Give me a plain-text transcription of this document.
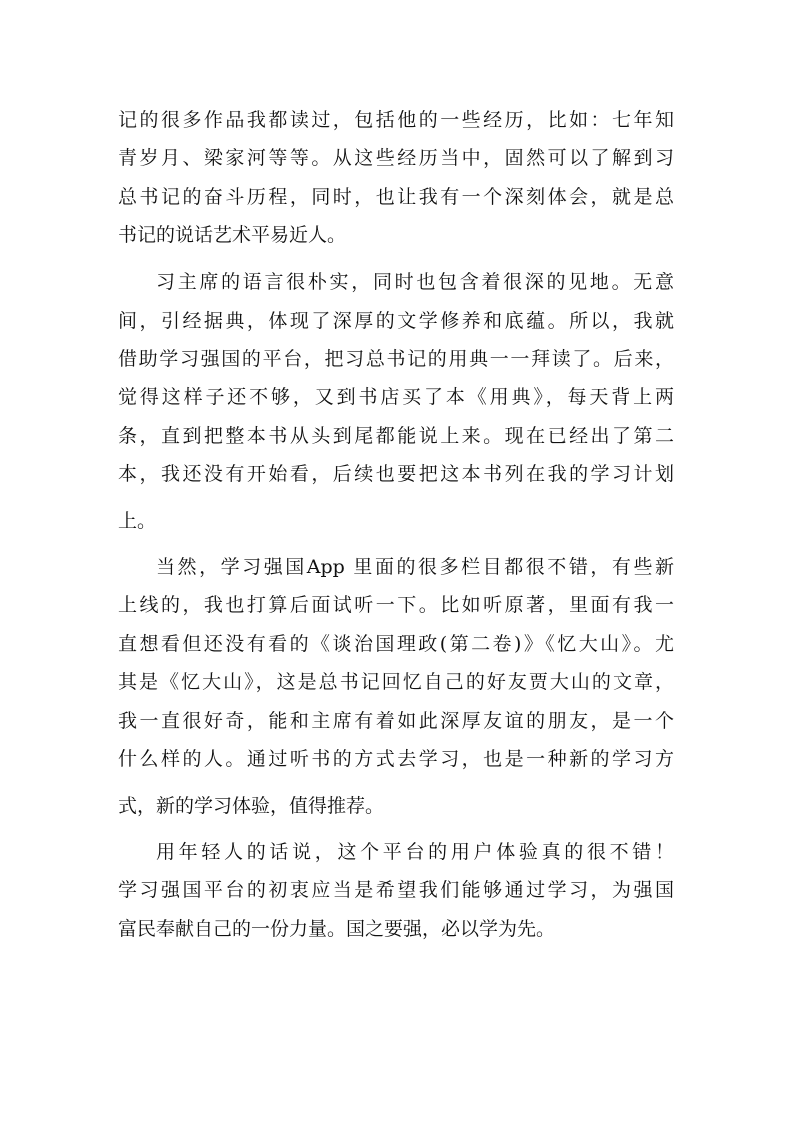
记的很多作品我都读过，包括他的一些经历，比如：七年知
青岁月、梁家河等等。从这些经历当中，固然可以了解到习
总书记的奋斗历程，同时，也让我有一个深刻体会，就是总
书记的说话艺术平易近人。
习主席的语言很朴实，同时也包含着很深的见地。无意
间，引经据典，体现了深厚的文学修养和底蕴。所以，我就
借助学习强国的平台，把习总书记的用典一一拜读了。后来，
觉得这样子还不够，又到书店买了本《用典》，每天背上两
条，直到把整本书从头到尾都能说上来。现在已经出了第二
本，我还没有开始看，后续也要把这本书列在我的学习计划
上。
当然，学习强国App 里面的很多栏目都很不错，有些新
上线的，我也打算后面试听一下。比如听原著，里面有我一
直想看但还没有看的《谈治国理政(第二卷)》《忆大山》。尤
其是《忆大山》，这是总书记回忆自己的好友贾大山的文章，
我一直很好奇，能和主席有着如此深厚友谊的朋友，是一个
什么样的人。通过听书的方式去学习，也是一种新的学习方
式，新的学习体验，值得推荐。
用年轻人的话说，这个平台的用户体验真的很不错！
学习强国平台的初衷应当是希望我们能够通过学习，为强国
富民奉献自己的一份力量。国之要强，必以学为先。
